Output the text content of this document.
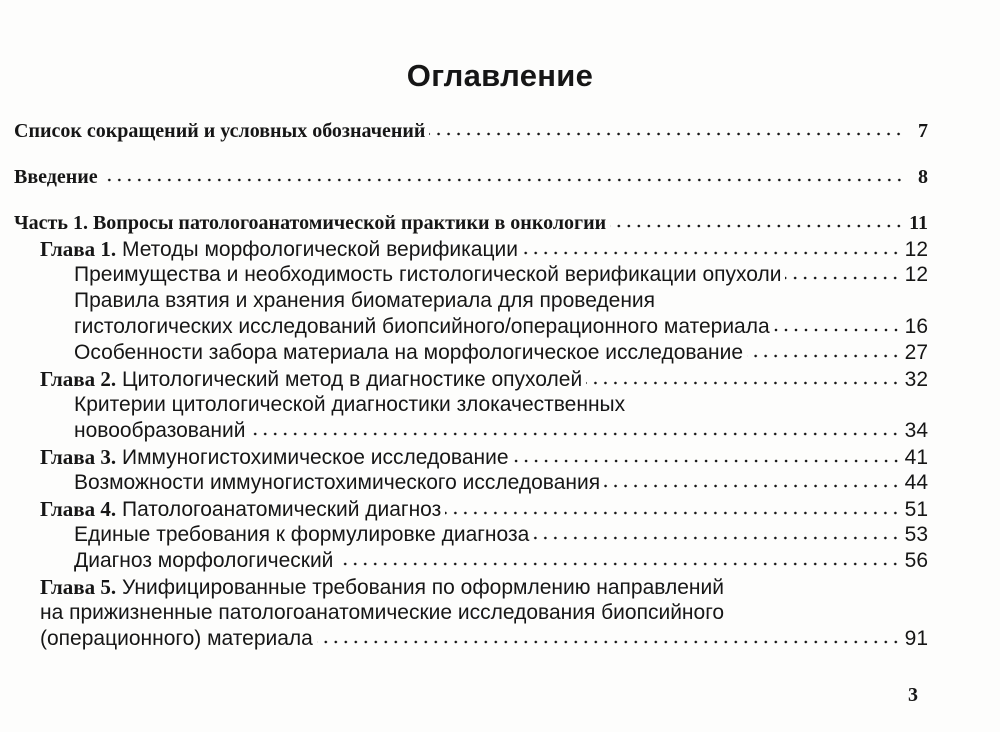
Оглавление
Список сокращений и условных обозначений	7
Введение	8
Часть 1. Вопросы патологоанатомической практики в онкологии	11
Глава 1. Методы морфологической верификации	12
Преимущества и необходимость гистологической верификации опухоли	12
Правила взятия и хранения биоматериала для проведения
гистологических исследований биопсийного/операционного материала	16
Особенности забора материала на морфологическое исследование	27
Глава 2. Цитологический метод в диагностике опухолей	32
Критерии цитологической диагностики злокачественных
новообразований	34
Глава 3. Иммуногистохимическое исследование	41
Возможности иммуногистохимического исследования	44
Глава 4. Патологоанатомический диагноз	51
Единые требования к формулировке диагноза	53
Диагноз морфологический	56
Глава 5. Унифицированные требования по оформлению направлений
на прижизненные патологоанатомические исследования биопсийного
(операционного) материала	91
3
